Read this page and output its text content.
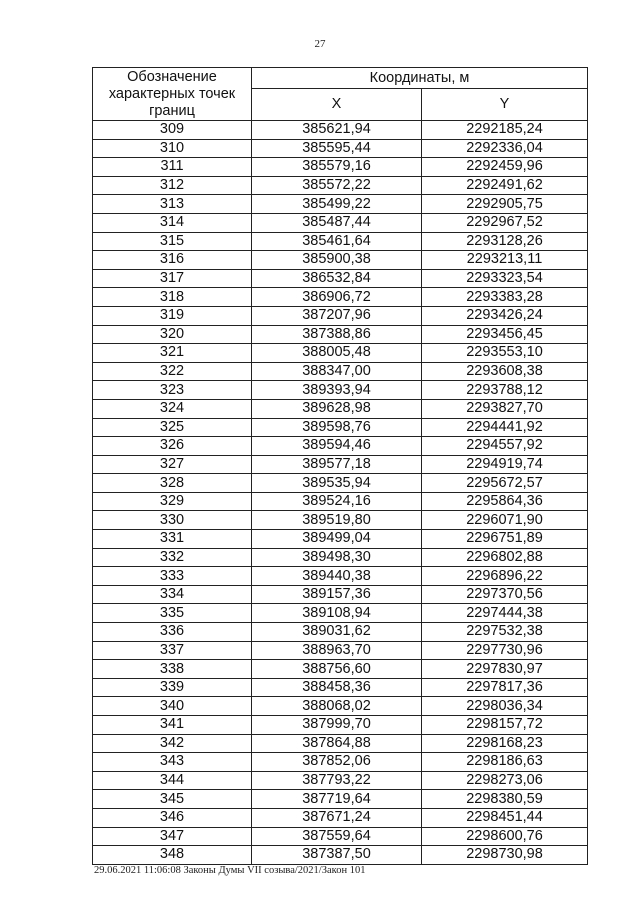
27
Обозначение характерных точек границ	Координаты, м	
	X	Y
309	385621,94	2292185,24
310	385595,44	2292336,04
311	385579,16	2292459,96
312	385572,22	2292491,62
313	385499,22	2292905,75
314	385487,44	2292967,52
315	385461,64	2293128,26
316	385900,38	2293213,11
317	386532,84	2293323,54
318	386906,72	2293383,28
319	387207,96	2293426,24
320	387388,86	2293456,45
321	388005,48	2293553,10
322	388347,00	2293608,38
323	389393,94	2293788,12
324	389628,98	2293827,70
325	389598,76	2294441,92
326	389594,46	2294557,92
327	389577,18	2294919,74
328	389535,94	2295672,57
329	389524,16	2295864,36
330	389519,80	2296071,90
331	389499,04	2296751,89
332	389498,30	2296802,88
333	389440,38	2296896,22
334	389157,36	2297370,56
335	389108,94	2297444,38
336	389031,62	2297532,38
337	388963,70	2297730,96
338	388756,60	2297830,97
339	388458,36	2297817,36
340	388068,02	2298036,34
341	387999,70	2298157,72
342	387864,88	2298168,23
343	387852,06	2298186,63
344	387793,22	2298273,06
345	387719,64	2298380,59
346	387671,24	2298451,44
347	387559,64	2298600,76
348	387387,50	2298730,98
29.06.2021 11:06:08 Законы Думы VII созыва/2021/Закон 101
